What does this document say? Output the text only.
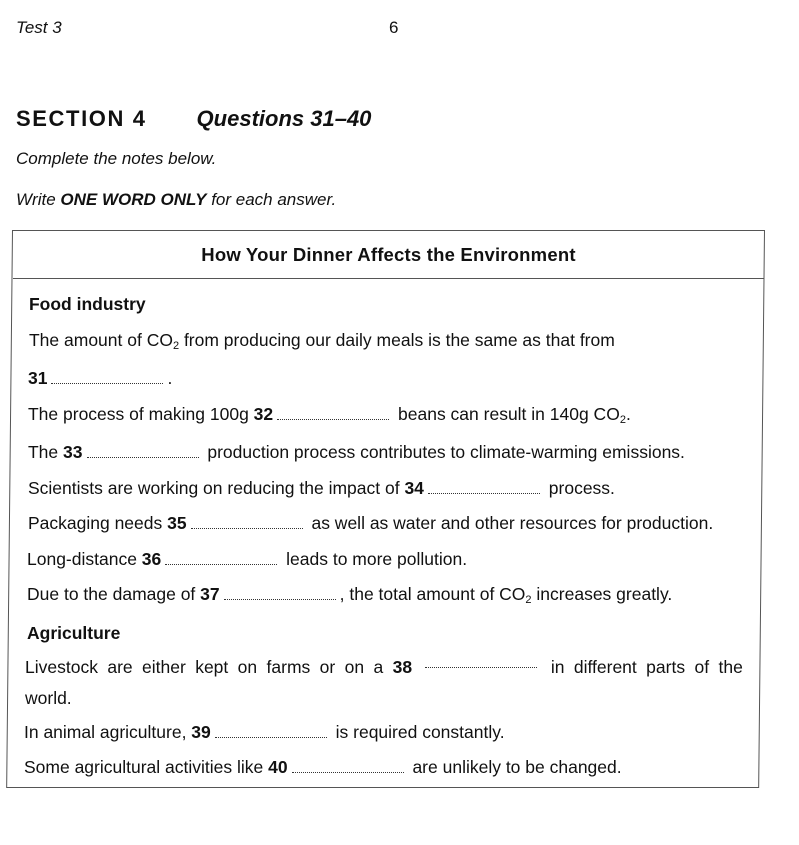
Test 3	6
SECTION 4 Questions 31–40
Complete the notes below.
Write ONE WORD ONLY for each answer.
How Your Dinner Affects the Environment
Food industry
The amount of $CO_2$ from producing our daily meals is the same as that from
31	.
The process of making 100g 32	beans can result in 140g $CO_2$.
The 33	production process contributes to climate-warming emissions.
Scientists are working on reducing the impact of 34	process.
Packaging needs 35	as well as water and other resources for production.
Long-distance 36	leads to more pollution.
Due to the damage of 37	, the total amount of $CO_2$ increases greatly.
Agriculture
Livestock are either kept on farms or on a 38	in different parts of the
world.
In animal agriculture, 39	is required constantly.
Some agricultural activities like 40	are unlikely to be changed.
